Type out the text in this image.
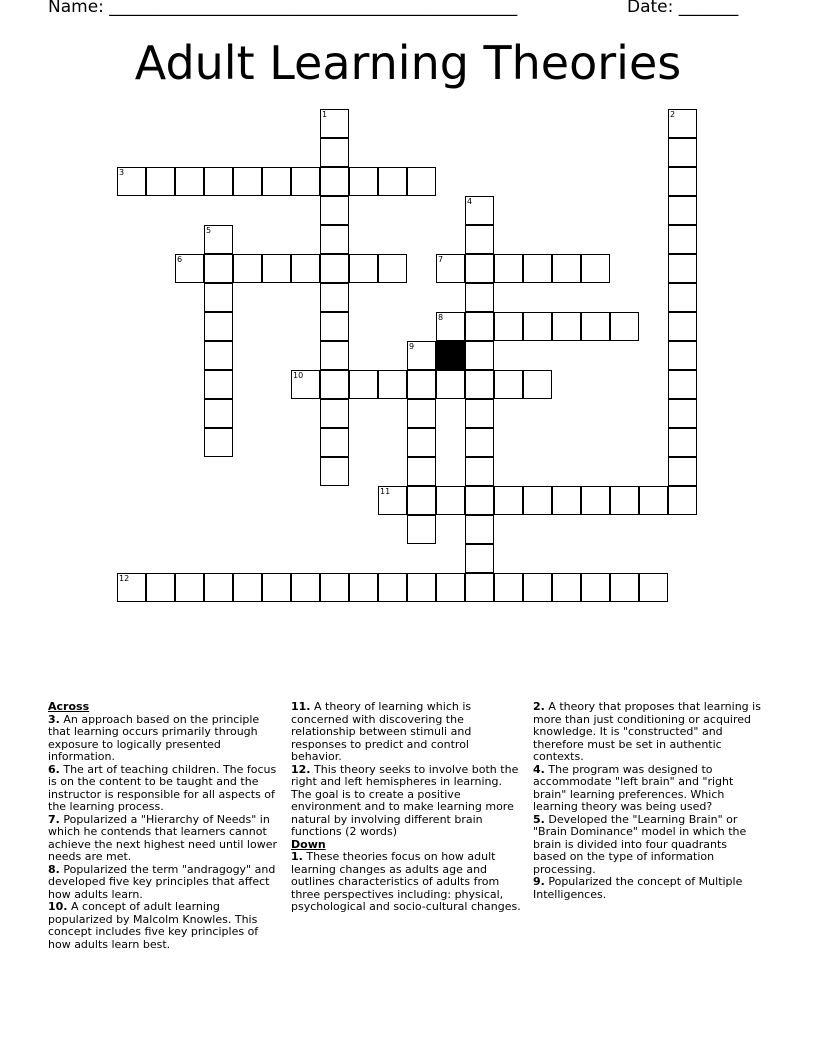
Name: ________________________________________________	Date: _______
Adult Learning Theories
1	2
3
4
5
6	7
8
9
10
11
12
Across

3. An approach based on the principle that learning occurs primarily through exposure to logically presented information.

6. The art of teaching children. The focus is on the content to be taught and the instructor is responsible for all aspects of the learning process.

7. Popularized a "Hierarchy of Needs" in which he contends that learners cannot achieve the next highest need until lower needs are met.

8. Popularized the term "andragogy" and developed five key principles that affect how adults learn.

10. A concept of adult learning popularized by Malcolm Knowles. This concept includes five key principles of how adults learn best.

11. A theory of learning which is concerned with discovering the relationship between stimuli and responses to predict and control behavior.

12. This theory seeks to involve both the right and left hemispheres in learning. The goal is to create a positive environment and to make learning more natural by involving different brain functions (2 words)

Down

1. These theories focus on how adult learning changes as adults age and outlines characteristics of adults from three perspectives including: physical, psychological and socio-cultural changes.

2. A theory that proposes that learning is more than just conditioning or acquired knowledge. It is "constructed" and therefore must be set in authentic contexts.

4. The program was designed to accommodate "left brain" and "right brain" learning preferences. Which learning theory was being used?

5. Developed the "Learning Brain" or "Brain Dominance" model in which the brain is divided into four quadrants based on the type of information processing.

9. Popularized the concept of Multiple Intelligences.
